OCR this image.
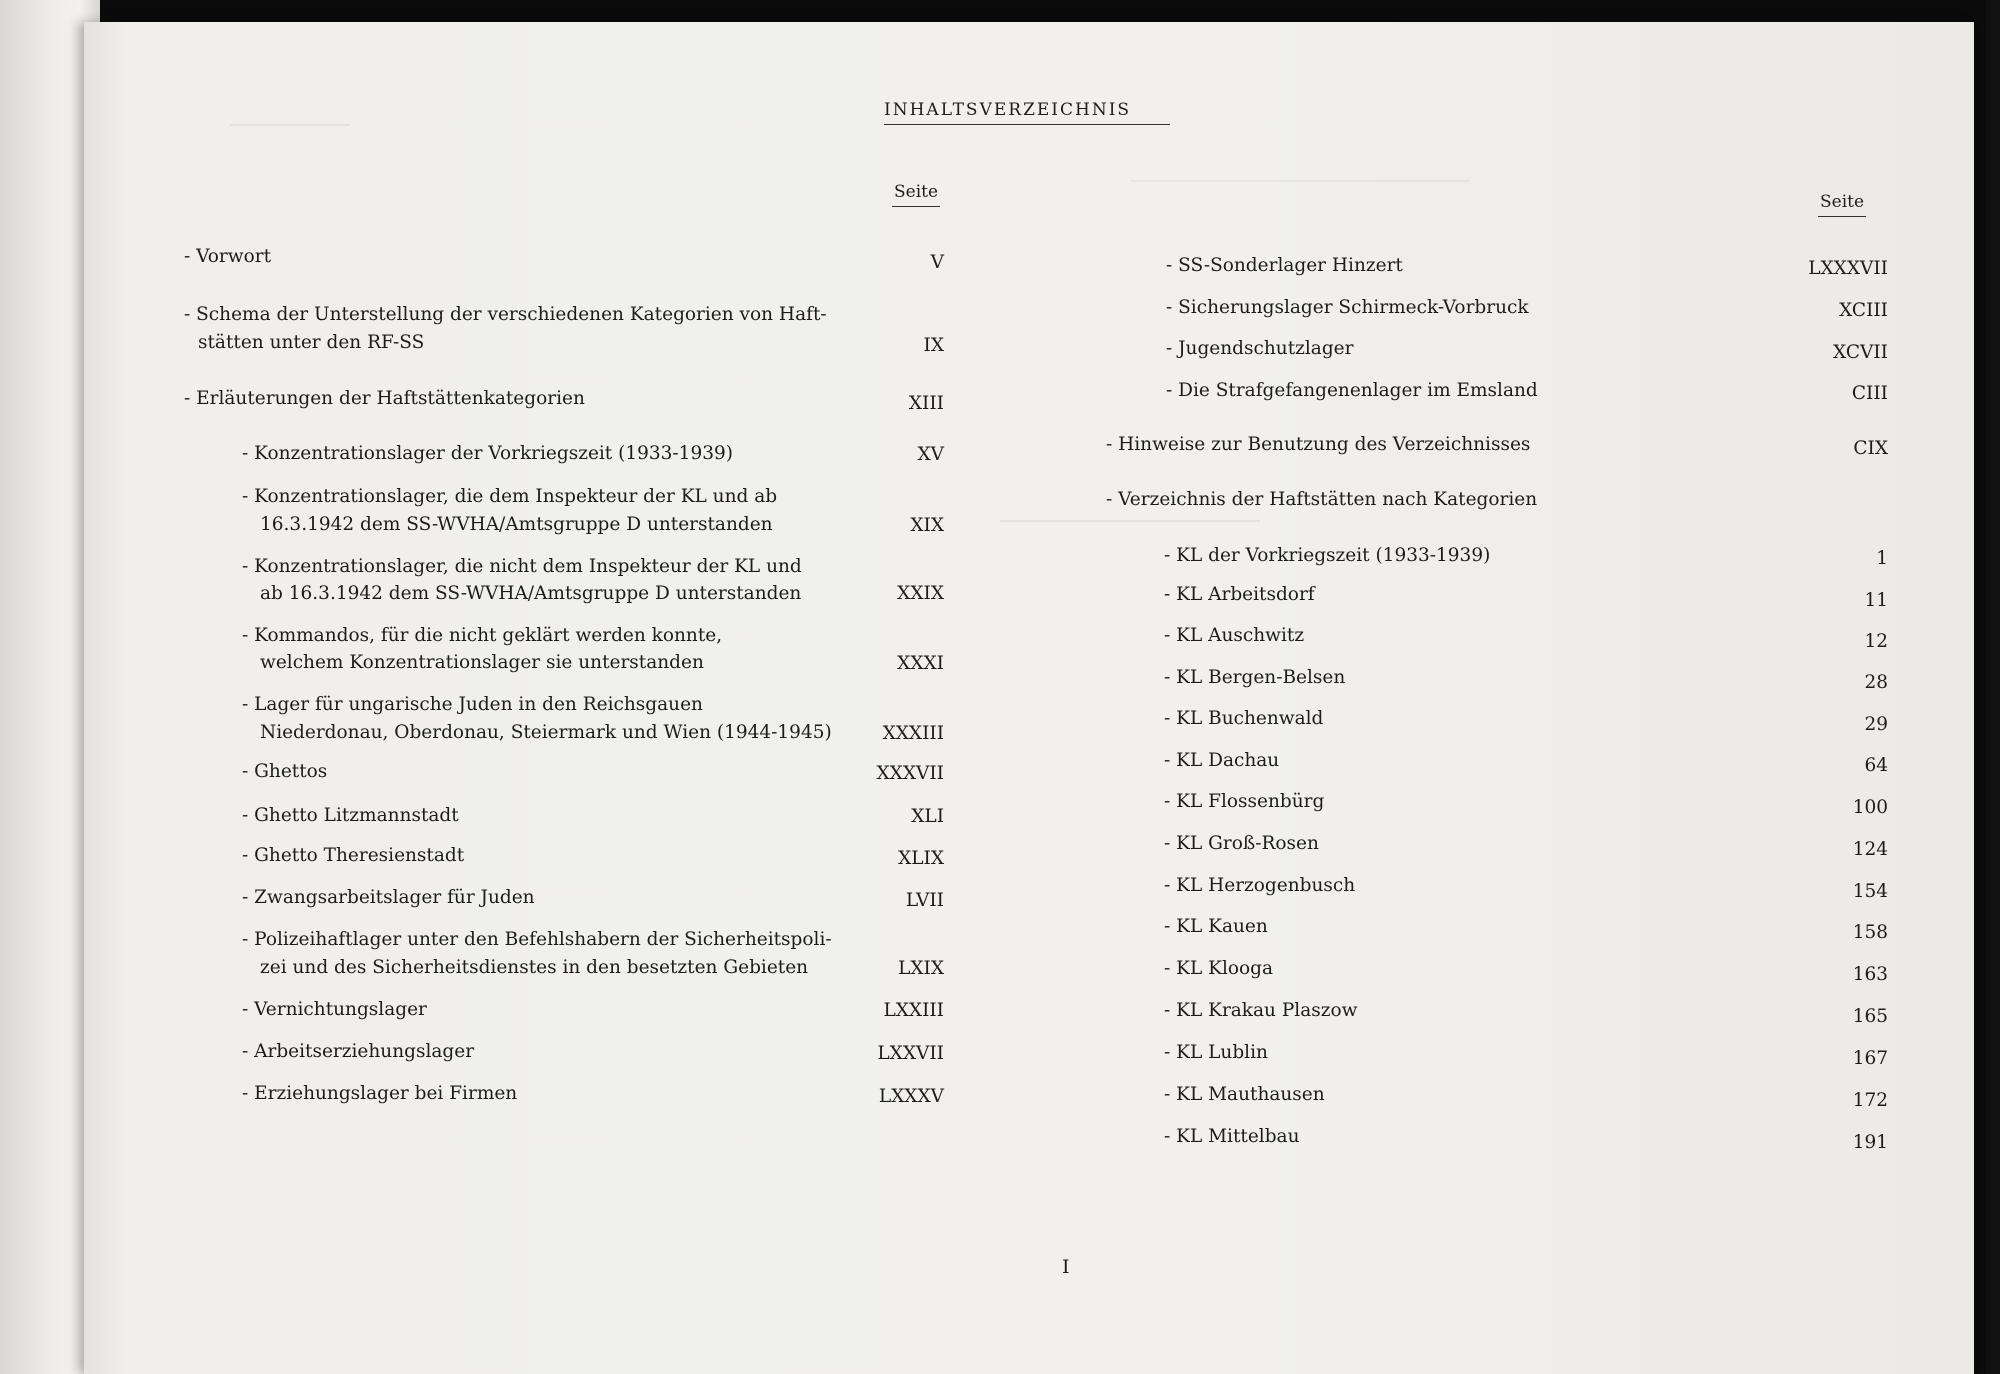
INHALTSVERZEICHNIS
Seite	Seite
- Vorwort	V
- Schema der Unterstellung der verschiedenen Kategorien von Haft-
stätten unter den RF-SS	IX
- Erläuterungen der Haftstättenkategorien	XIII
- Konzentrationslager der Vorkriegszeit (1933-1939)	XV
- Konzentrationslager, die dem Inspekteur der KL und ab
16.3.1942 dem SS-WVHA/Amtsgruppe D unterstanden	XIX
- Konzentrationslager, die nicht dem Inspekteur der KL und
ab 16.3.1942 dem SS-WVHA/Amtsgruppe D unterstanden	XXIX
- Kommandos, für die nicht geklärt werden konnte,
welchem Konzentrationslager sie unterstanden	XXXI
- Lager für ungarische Juden in den Reichsgauen
Niederdonau, Oberdonau, Steiermark und Wien (1944-1945)	XXXIII
- Ghettos	XXXVII
- Ghetto Litzmannstadt	XLI
- Ghetto Theresienstadt	XLIX
- Zwangsarbeitslager für Juden	LVII
- Polizeihaftlager unter den Befehlshabern der Sicherheitspoli-
zei und des Sicherheitsdienstes in den besetzten Gebieten	LXIX
- Vernichtungslager	LXXIII
- Arbeitserziehungslager	LXXVII
- Erziehungslager bei Firmen	LXXXV
- SS-Sonderlager Hinzert	LXXXVII
- Sicherungslager Schirmeck-Vorbruck	XCIII
- Jugendschutzlager	XCVII
- Die Strafgefangenenlager im Emsland	CIII
- Hinweise zur Benutzung des Verzeichnisses	CIX
- Verzeichnis der Haftstätten nach Kategorien
- KL der Vorkriegszeit (1933-1939)	1
- KL Arbeitsdorf	11
- KL Auschwitz	12
- KL Bergen-Belsen	28
- KL Buchenwald	29
- KL Dachau	64
- KL Flossenbürg	100
- KL Groß-Rosen	124
- KL Herzogenbusch	154
- KL Kauen	158
- KL Klooga	163
- KL Krakau Plaszow	165
- KL Lublin	167
- KL Mauthausen	172
- KL Mittelbau	191
I
